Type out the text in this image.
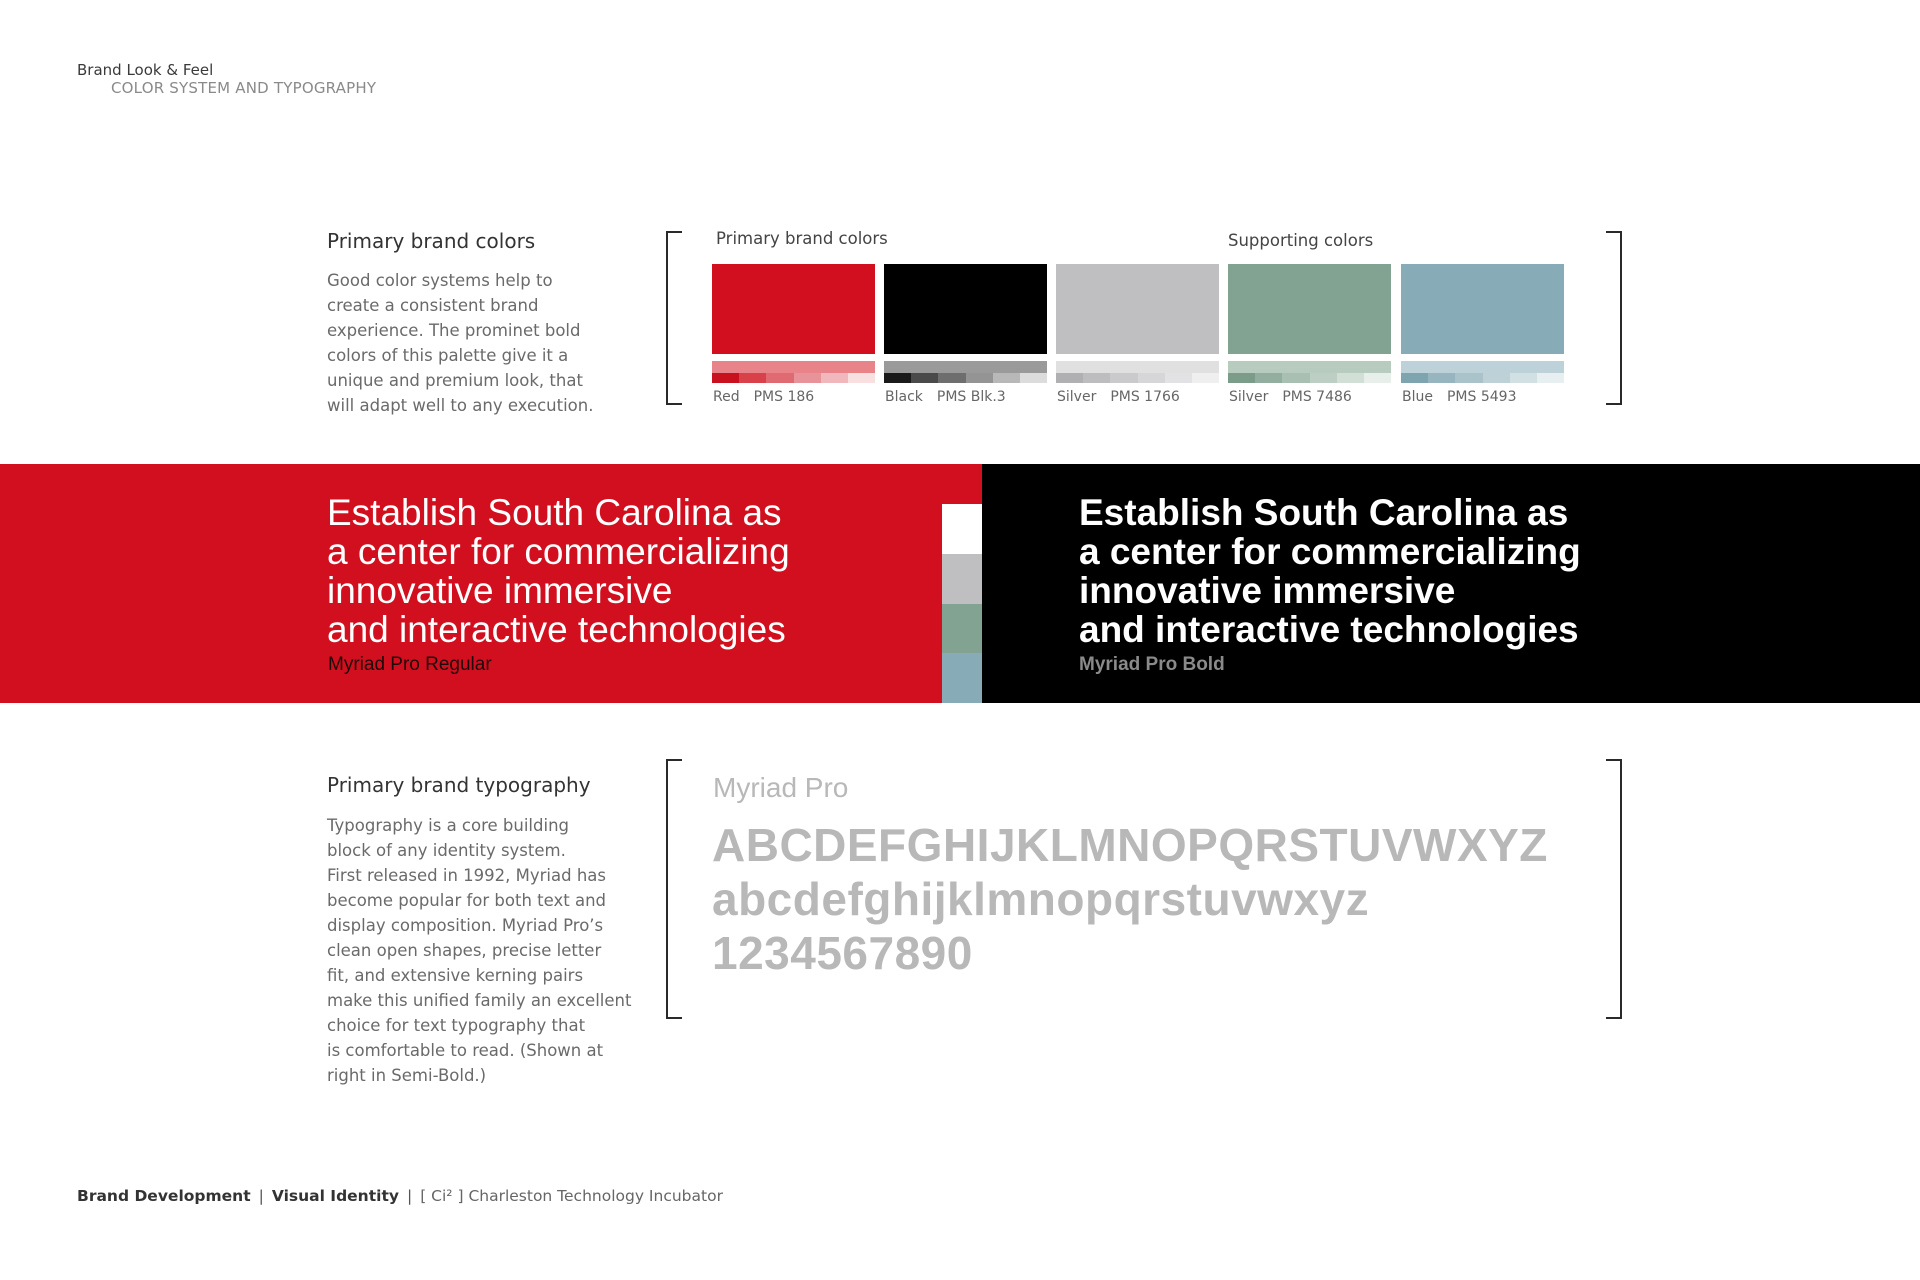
Brand Look & Feel
COLOR SYSTEM AND TYPOGRAPHY
Primary brand colors
Good color systems help to
create a consistent brand
experience. The prominet bold
colors of this palette give it a
unique and premium look, that
will adapt well to any execution.
Primary brand colors	Supporting colors
Red PMS 186	Black PMS Blk.3	Silver PMS 1766	Silver PMS 7486	Blue PMS 5493
Establish South Carolina as
a center for commercializing
innovative immersive
and interactive technologies
Myriad Pro Regular
Establish South Carolina as
a center for commercializing
innovative immersive
and interactive technologies
Myriad Pro Bold
Primary brand typography
Typography is a core building
block of any identity system.
First released in 1992, Myriad has
become popular for both text and
display composition. Myriad Pro’s
clean open shapes, precise letter
fit, and extensive kerning pairs
make this unified family an excellent
choice for text typography that
is comfortable to read. (Shown at
right in Semi-Bold.)
Myriad Pro
ABCDEFGHIJKLMNOPQRSTUVWXYZ
abcdefghijklmnopqrstuvwxyz
1234567890
Brand Development | Visual Identity | [ Ci² ] Charleston Technology Incubator
